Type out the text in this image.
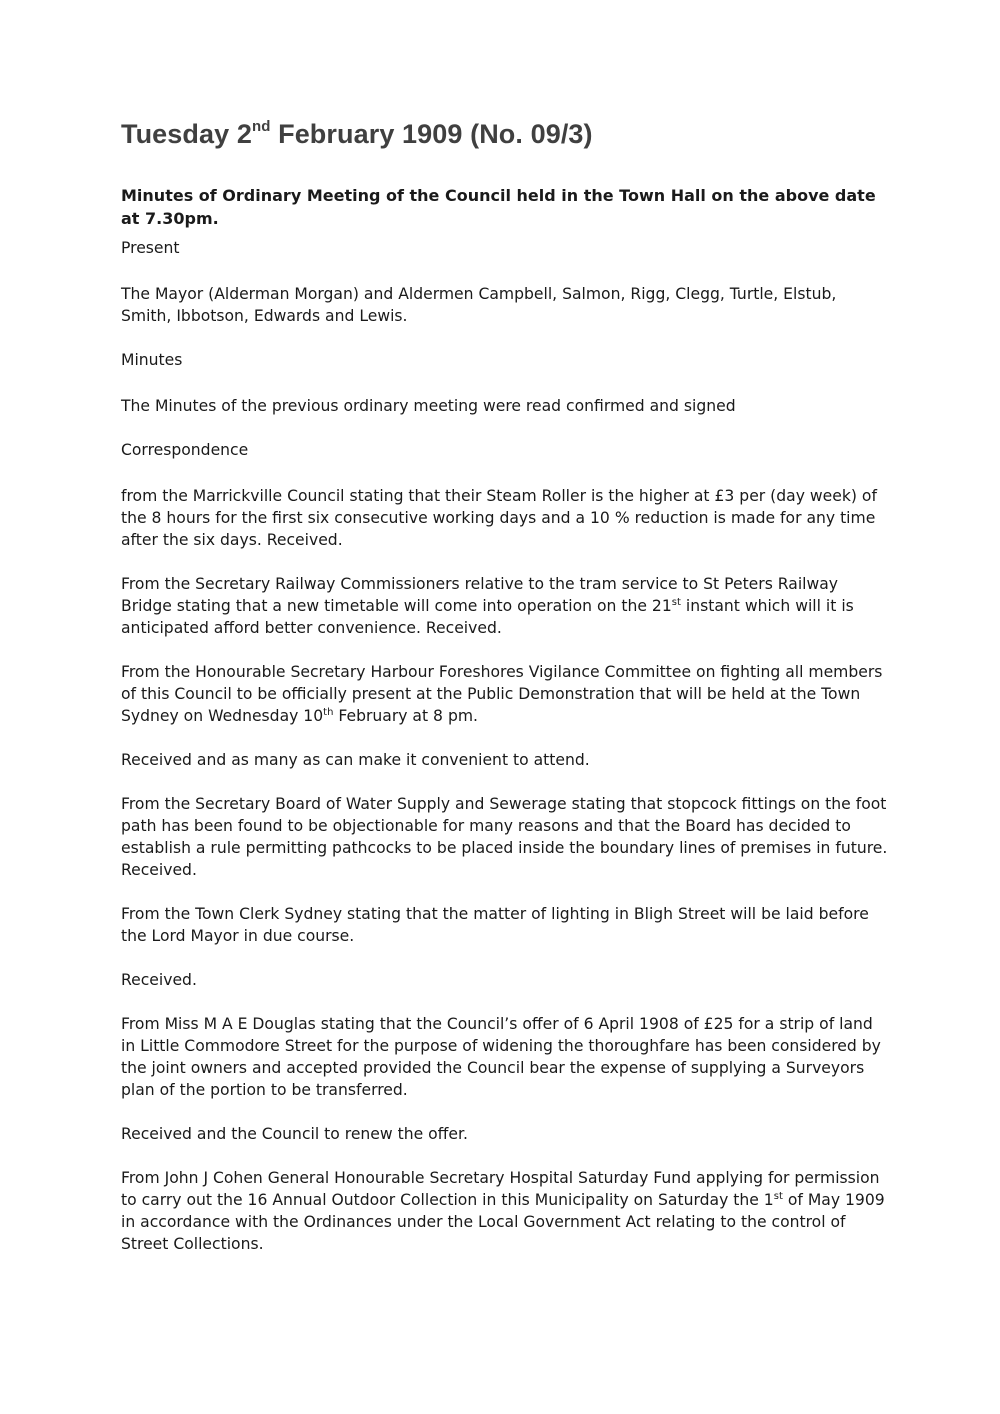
Tuesday 2nd February 1909 (No. 09/3)
Minutes of Ordinary Meeting of the Council held in the Town Hall on the above date at 7.30pm.

Present

The Mayor (Alderman Morgan) and Aldermen Campbell, Salmon, Rigg, Clegg, Turtle, Elstub, Smith, Ibbotson, Edwards and Lewis.

Minutes

The Minutes of the previous ordinary meeting were read confirmed and signed

Correspondence

from the Marrickville Council stating that their Steam Roller is the higher at £3 per (day week) of the 8 hours for the first six consecutive working days and a 10 % reduction is made for any time after the six days. Received.

From the Secretary Railway Commissioners relative to the tram service to St Peters Railway Bridge stating that a new timetable will come into operation on the 21st instant which will it is anticipated afford better convenience. Received.

From the Honourable Secretary Harbour Foreshores Vigilance Committee on fighting all members of this Council to be officially present at the Public Demonstration that will be held at the Town Sydney on Wednesday 10th February at 8 pm.

Received and as many as can make it convenient to attend.

From the Secretary Board of Water Supply and Sewerage stating that stopcock fittings on the foot path has been found to be objectionable for many reasons and that the Board has decided to establish a rule permitting pathcocks to be placed inside the boundary lines of premises in future. Received.

From the Town Clerk Sydney stating that the matter of lighting in Bligh Street will be laid before the Lord Mayor in due course.

Received.

From Miss M A E Douglas stating that the Council’s offer of 6 April 1908 of £25 for a strip of land in Little Commodore Street for the purpose of widening the thoroughfare has been considered by the joint owners and accepted provided the Council bear the expense of supplying a Surveyors plan of the portion to be transferred.

Received and the Council to renew the offer.

From John J Cohen General Honourable Secretary Hospital Saturday Fund applying for permission to carry out the 16 Annual Outdoor Collection in this Municipality on Saturday the 1st of May 1909 in accordance with the Ordinances under the Local Government Act relating to the control of Street Collections.
